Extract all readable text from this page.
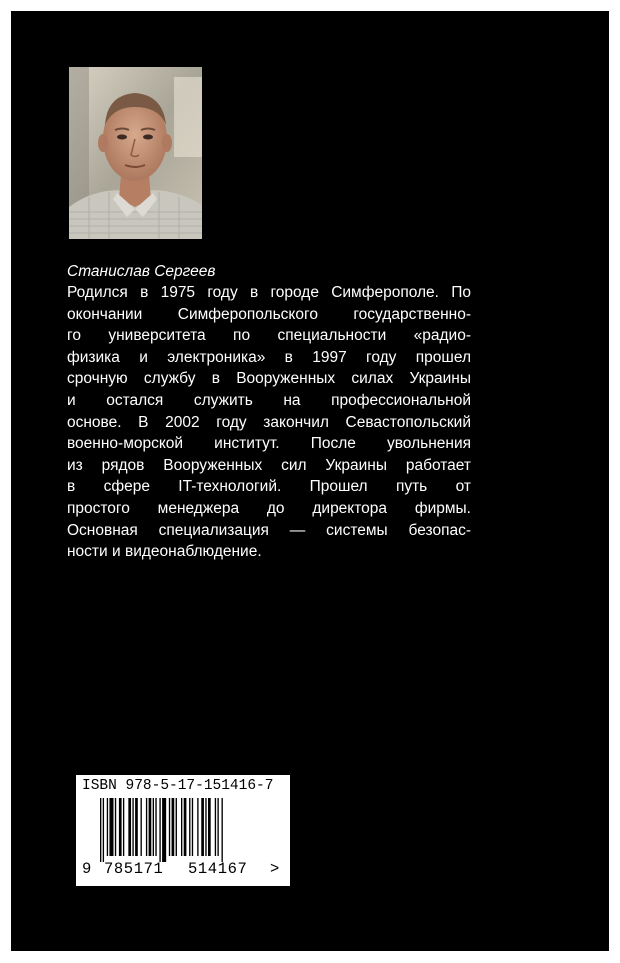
Станислав Сергеев
Родился в 1975 году в городе Симферополе. По
окончании Симферопольского государственно-
го университета по специальности «радио-
физика и электроника» в 1997 году прошел
срочную службу в Вооруженных силах Украины
и остался служить на профессиональной
основе. В 2002 году закончил Севастопольский
военно-морской институт. После увольнения
из рядов Вооруженных сил Украины работает
в сфере IT-технологий. Прошел путь от
простого менеджера до директора фирмы.
Основная специализация — системы безопас-
ности и видеонаблюдение.
ISBN 978-5-17-151416-7
9 785171 514167 >
